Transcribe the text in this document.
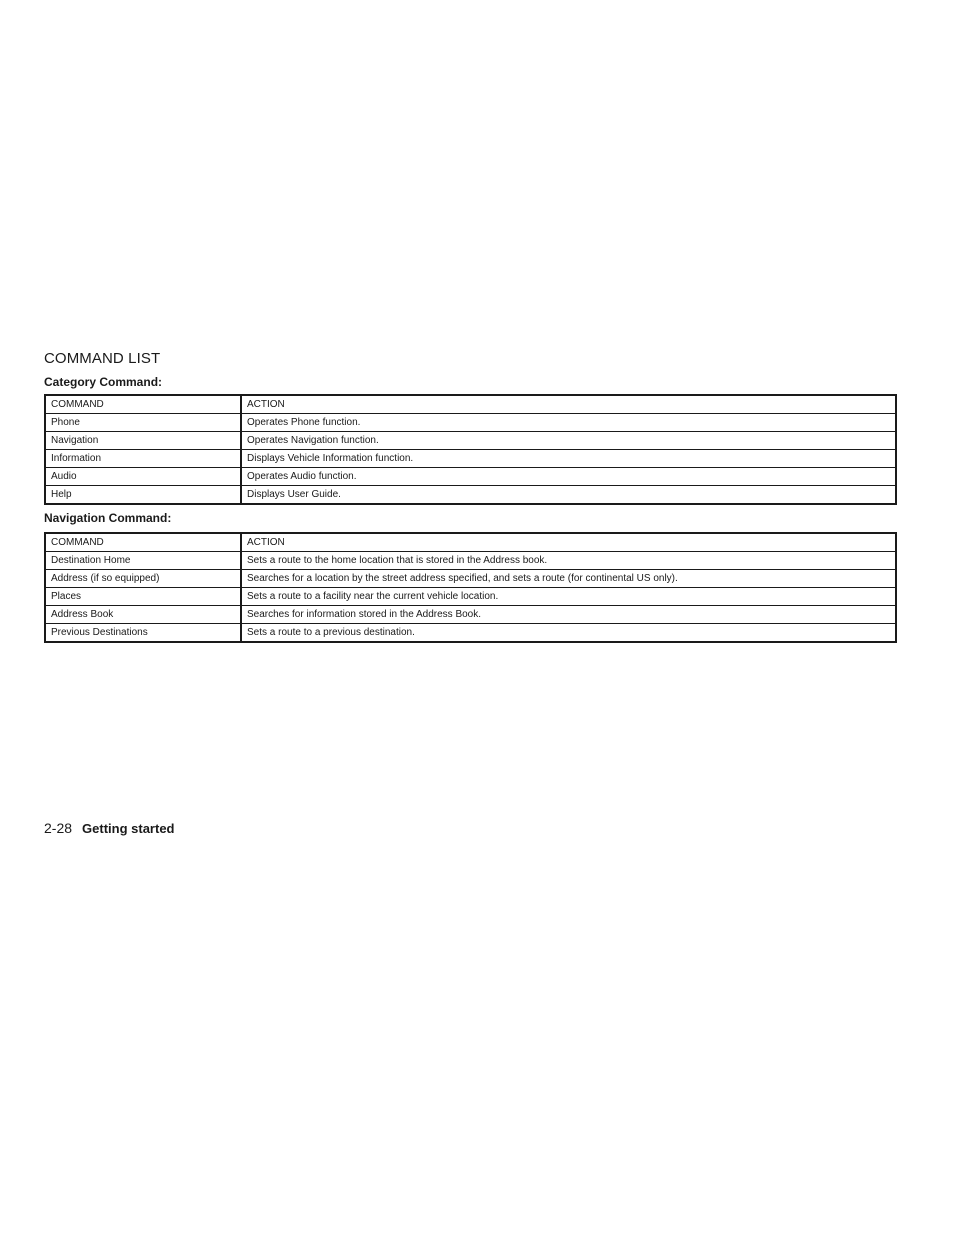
COMMAND LIST
Category Command:
COMMAND	ACTION
Phone	Operates Phone function.
Navigation	Operates Navigation function.
Information	Displays Vehicle Information function.
Audio	Operates Audio function.
Help	Displays User Guide.
Navigation Command:
COMMAND	ACTION
Destination Home	Sets a route to the home location that is stored in the Address book.
Address (if so equipped)	Searches for a location by the street address specified, and sets a route (for continental US only).
Places	Sets a route to a facility near the current vehicle location.
Address Book	Searches for information stored in the Address Book.
Previous Destinations	Sets a route to a previous destination.
2-28 Getting started
